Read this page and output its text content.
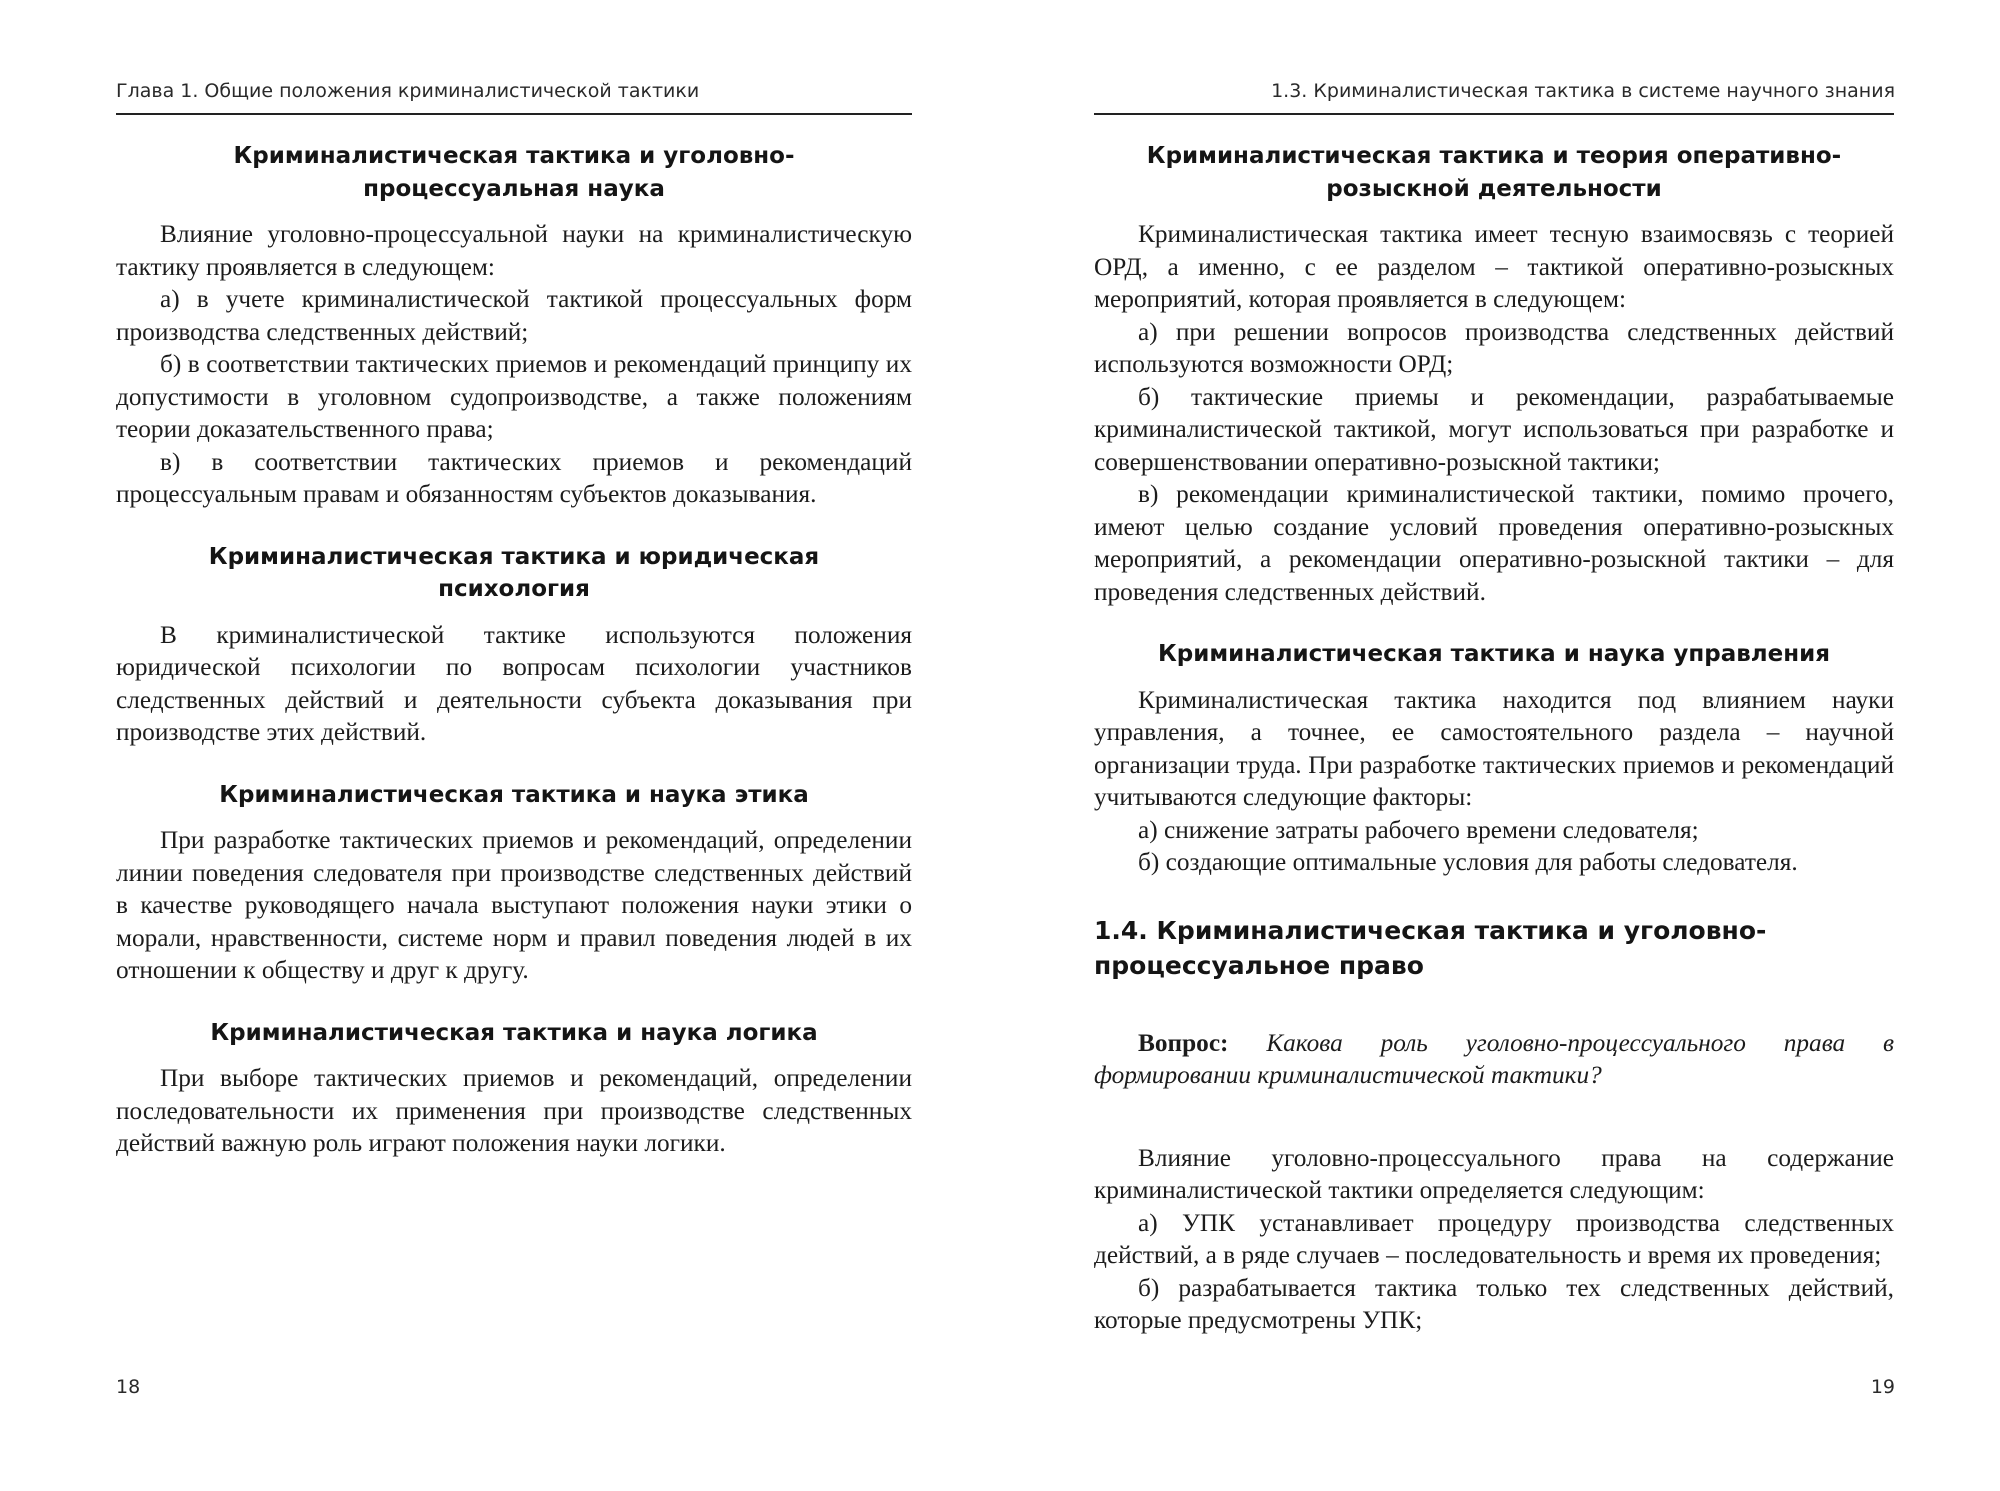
Глава 1. Общие положения криминалистической тактики
Криминалистическая тактика и уголовно-процессуальная наука
Влияние уголовно-процессуальной науки на криминалистическую тактику проявляется в следующем:
а) в учете криминалистической тактикой процессуальных форм производства следственных действий;
б) в соответствии тактических приемов и рекомендаций принципу их допустимости в уголовном судопроизводстве, а также положениям теории доказательственного права;
в) в соответствии тактических приемов и рекомендаций процессуальным правам и обязанностям субъектов доказывания.
Криминалистическая тактика и юридическая психология
В криминалистической тактике используются положения юридической психологии по вопросам психологии участников следственных действий и деятельности субъекта доказывания при производстве этих действий.
Криминалистическая тактика и наука этика
При разработке тактических приемов и рекомендаций, определении линии поведения следователя при производстве следственных действий в качестве руководящего начала выступают положения науки этики о морали, нравственности, системе норм и правил поведения людей в их отношении к обществу и друг к другу.
Криминалистическая тактика и наука логика
При выборе тактических приемов и рекомендаций, определении последовательности их применения при производстве следственных действий важную роль играют положения науки логики.
18
1.3. Криминалистическая тактика в системе научного знания
Криминалистическая тактика и теория оперативно-розыскной деятельности
Криминалистическая тактика имеет тесную взаимосвязь с теорией ОРД, а именно, с ее разделом – тактикой оперативно-розыскных мероприятий, которая проявляется в следующем:
а) при решении вопросов производства следственных действий используются возможности ОРД;
б) тактические приемы и рекомендации, разрабатываемые криминалистической тактикой, могут использоваться при разработке и совершенствовании оперативно-розыскной тактики;
в) рекомендации криминалистической тактики, помимо прочего, имеют целью создание условий проведения оперативно-розыскных мероприятий, а рекомендации оперативно-розыскной тактики – для проведения следственных действий.
Криминалистическая тактика и наука управления
Криминалистическая тактика находится под влиянием науки управления, а точнее, ее самостоятельного раздела – научной организации труда. При разработке тактических приемов и рекомендаций учитываются следующие факторы:
а) снижение затраты рабочего времени следователя;
б) создающие оптимальные условия для работы следователя.
1.4. Криминалистическая тактика и уголовно-
процессуальное право
Вопрос: Какова роль уголовно-процессуального права в формировании криминалистической тактики?
Влияние уголовно-процессуального права на содержание криминалистической тактики определяется следующим:
а) УПК устанавливает процедуру производства следственных действий, а в ряде случаев – последовательность и время их проведения;
б) разрабатывается тактика только тех следственных действий, которые предусмотрены УПК;
19
